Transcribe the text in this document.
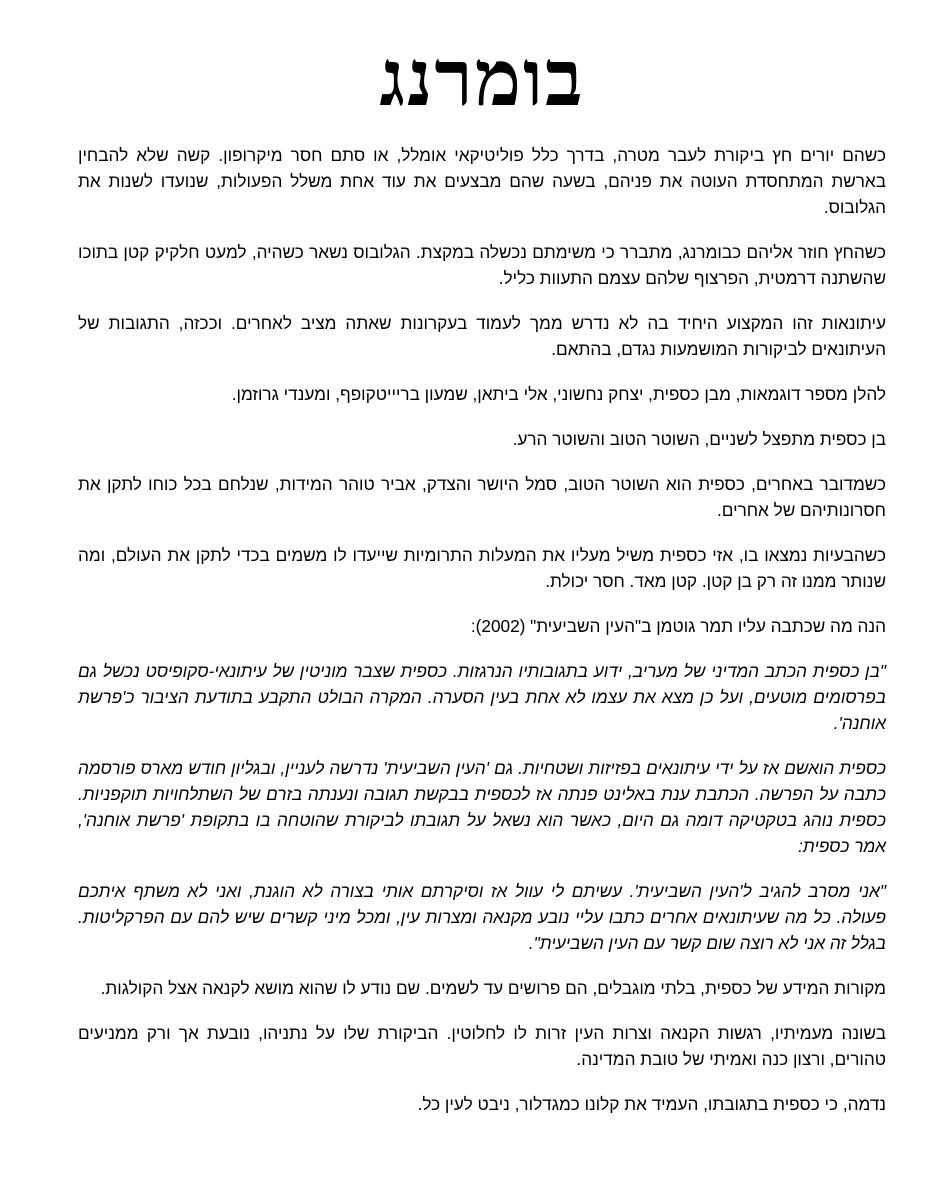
בומרנג

כשהם יורים חץ ביקורת לעבר מטרה, בדרך כלל פוליטיקאי אומלל, או סתם חסר מיקרופון. קשה שלא להבחין בארשת המתחסדת העוטה את פניהם, בשעה שהם מבצעים את עוד אחת משלל הפעולות, שנועדו לשנות את הגלובוס.

כשהחץ חוזר אליהם כבומרנג, מתברר כי משימתם נכשלה במקצת. הגלובוס נשאר כשהיה, למעט חלקיק קטן בתוכו שהשתנה דרמטית, הפרצוף שלהם עצמם התעוות כליל.

עיתונאות זהו המקצוע היחיד בה לא נדרש ממך לעמוד בעקרונות שאתה מציב לאחרים. וככזה, התגובות של העיתונאים לביקורות המושמעות נגדם, בהתאם.

להלן מספר דוגמאות, מבן כספית, יצחק נחשוני, אלי ביתאן, שמעון בריייטקופף, ומענדי גרוזמן.

בן כספית מתפצל לשניים, השוטר הטוב והשוטר הרע.

כשמדובר באחרים, כספית הוא השוטר הטוב, סמל היושר והצדק, אביר טוהר המידות, שנלחם בכל כוחו לתקן את חסרונותיהם של אחרים.

כשהבעיות נמצאו בו, אזי כספית משיל מעליו את המעלות התרומיות שייעדו לו משמים בכדי לתקן את העולם, ומה שנותר ממנו זה רק בן קטן. קטן מאד. חסר יכולת.

הנה מה שכתבה עליו תמר גוטמן ב"העין השביעית" (2002):

"בן כספית הכתב המדיני של מעריב, ידוע בתגובותיו הנרגזות. כספית שצבר מוניטין של עיתונאי-סקופיסט נכשל גם בפרסומים מוטעים, ועל כן מצא את עצמו לא אחת בעין הסערה. המקרה הבולט התקבע בתודעת הציבור כ'פרשת אוחנה'.

כספית הואשם אז על ידי עיתונאים בפזיזות ושטחיות. גם 'העין השביעית' נדרשה לעניין, ובגליון חודש מארס פורסמה כתבה על הפרשה. הכתבת ענת באלינט פנתה אז לכספית בבקשת תגובה ונענתה בזרם של השתלחויות תוקפניות. כספית נוהג בטקטיקה דומה גם היום, כאשר הוא נשאל על תגובתו לביקורת שהוטחה בו בתקופת 'פרשת אוחנה', אמר כספית:

"אני מסרב להגיב ל'העין השביעית'. עשיתם לי עוול אז וסיקרתם אותי בצורה לא הוגנת, ואני לא משתף איתכם פעולה. כל מה שעיתונאים אחרים כתבו עליי נובע מקנאה ומצרות עין, ומכל מיני קשרים שיש להם עם הפרקליטות. בגלל זה אני לא רוצה שום קשר עם העין השביעית".

מקורות המידע של כספית, בלתי מוגבלים, הם פרושים עד לשמים. שם נודע לו שהוא מושא לקנאה אצל הקולגות.

בשונה מעמיתיו, רגשות הקנאה וצרות העין זרות לו לחלוטין. הביקורת שלו על נתניהו, נובעת אך ורק ממניעים טהורים, ורצון כנה ואמיתי של טובת המדינה.

נדמה, כי כספית בתגובתו, העמיד את קלונו כמגדלור, ניבט לעין כל.
